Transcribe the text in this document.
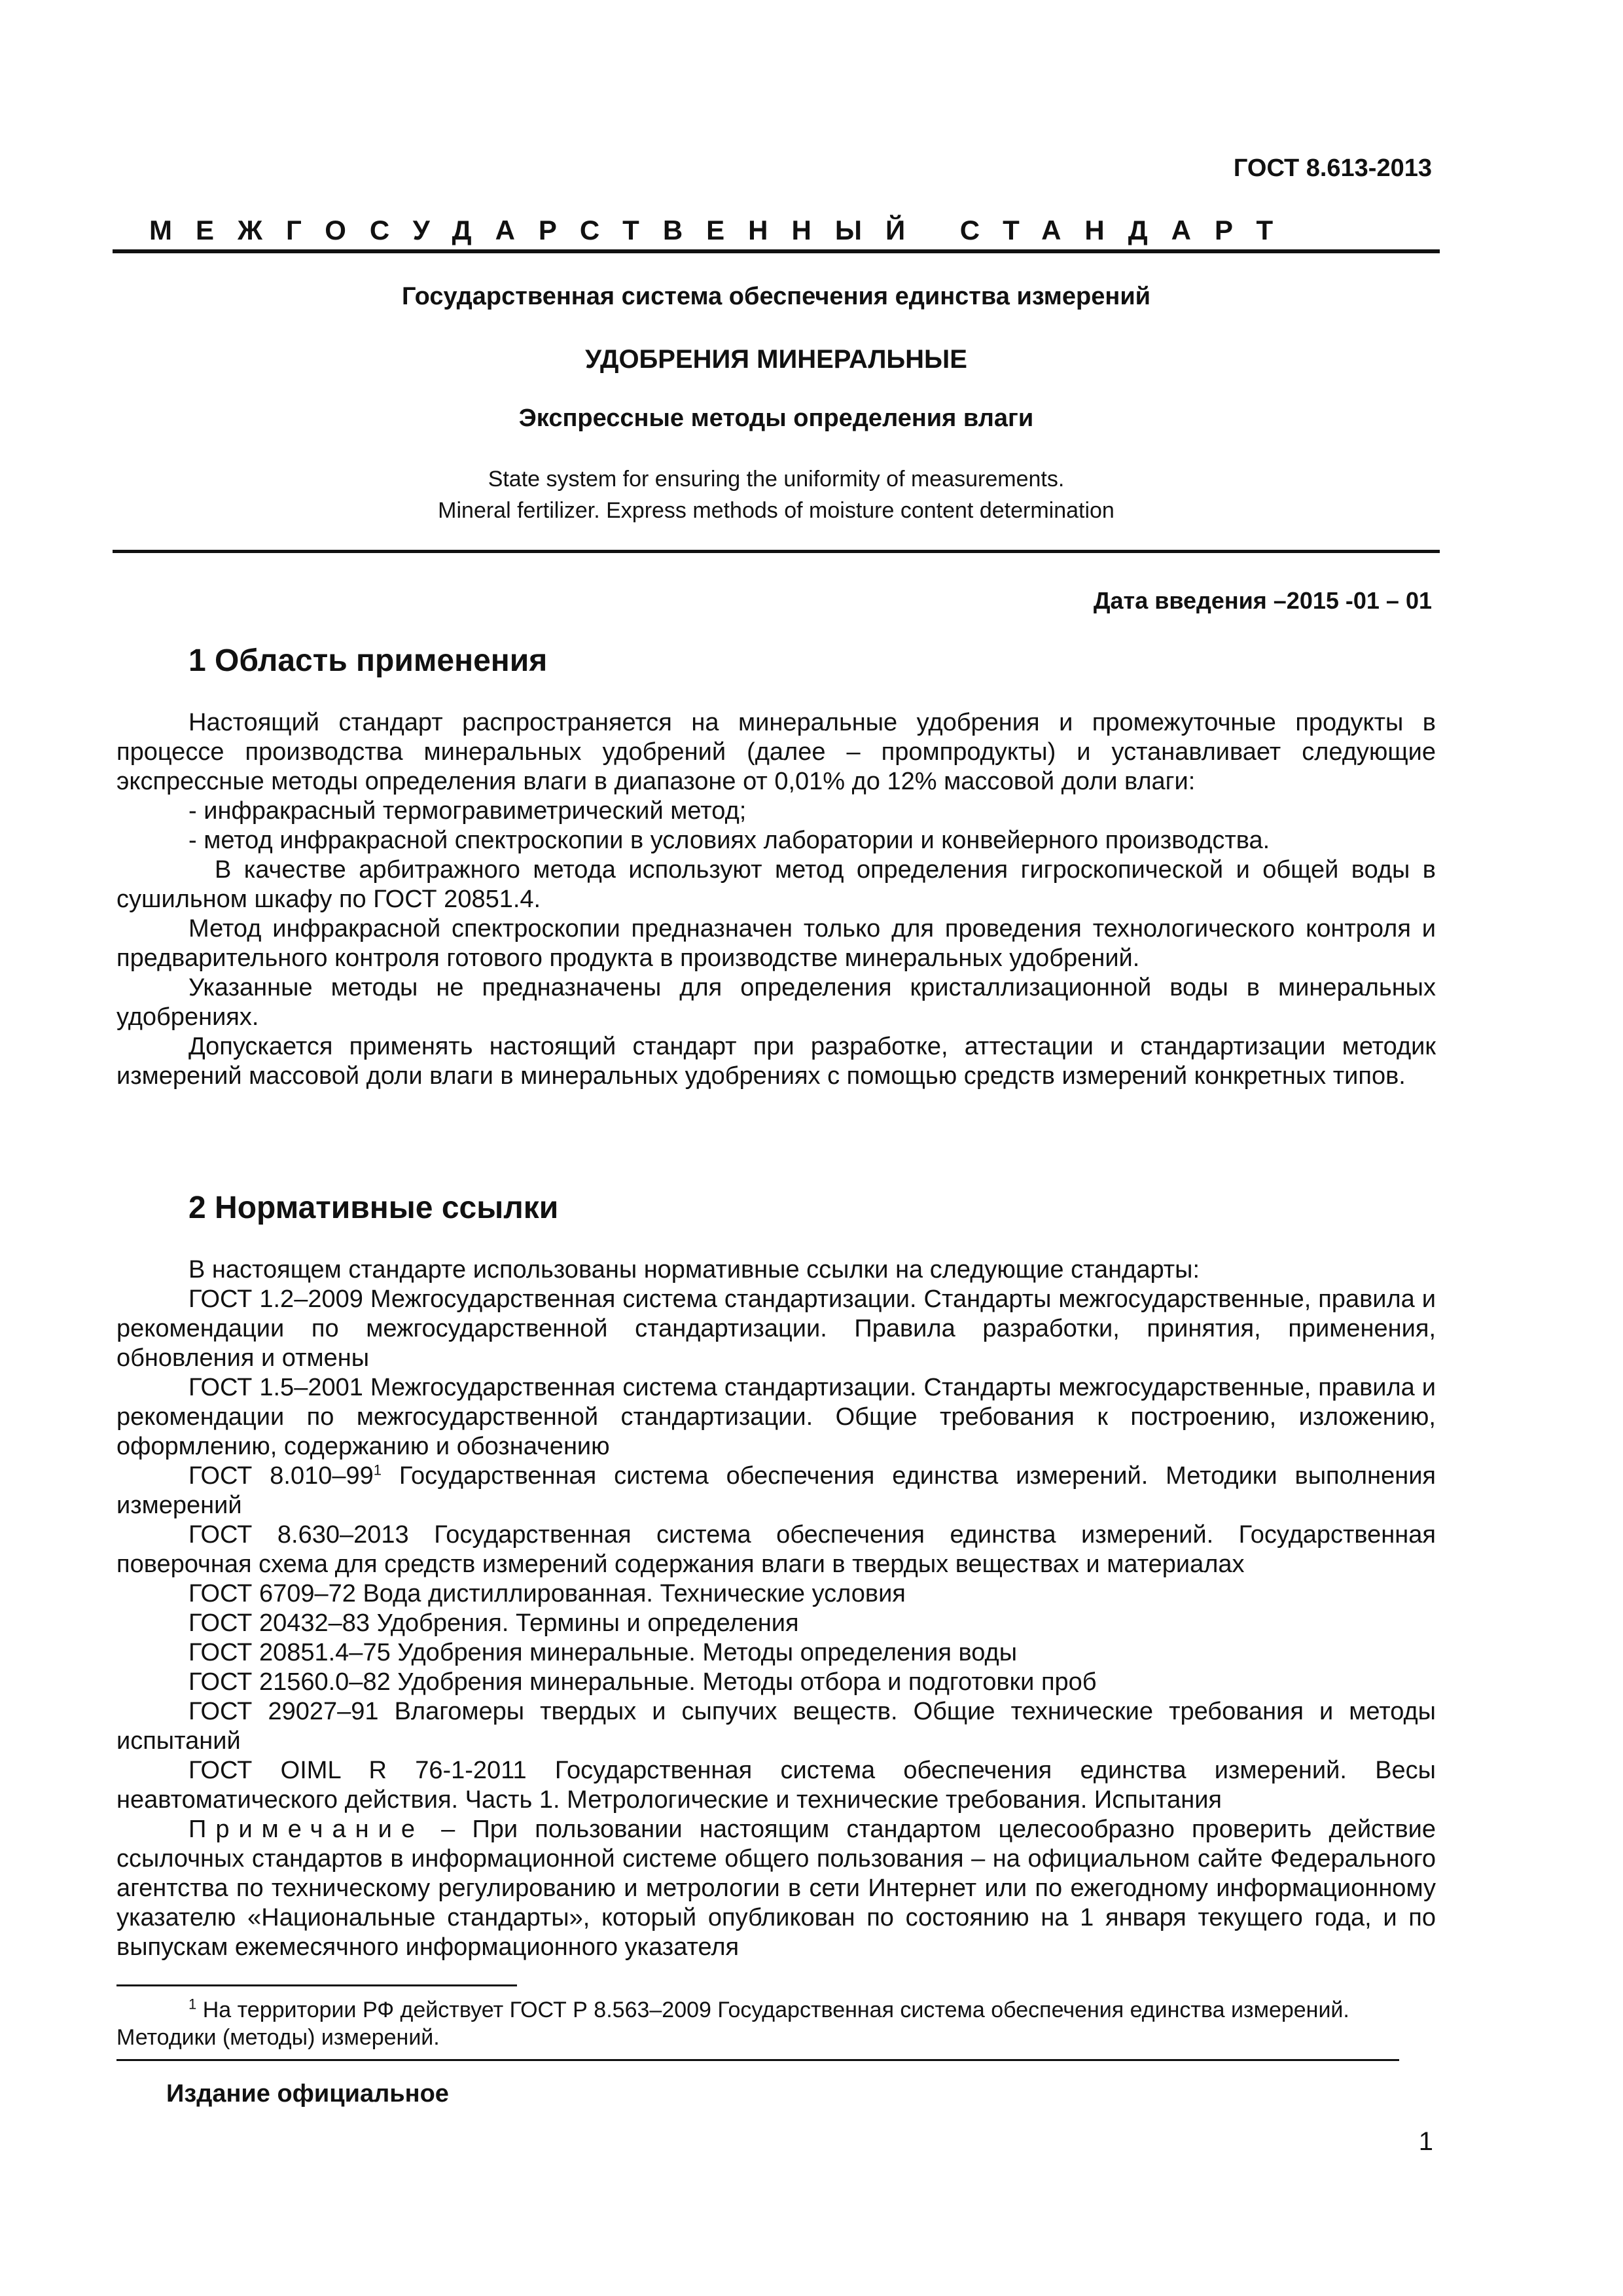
ГОСТ 8.613-2013
МЕЖГОСУДАРСТВЕННЫЙ СТАНДАРТ
Государственная система обеспечения единства измерений
УДОБРЕНИЯ МИНЕРАЛЬНЫЕ
Экспрессные методы определения влаги
State system for ensuring the uniformity of measurements.
Mineral fertilizer. Express methods of moisture content determination
Дата введения –2015 -01 – 01
1 Область применения

Настоящий стандарт распространяется на минеральные удобрения и промежуточные продукты в процессе производства минеральных удобрений (далее – промпродукты) и устанавливает следующие экспрессные методы определения влаги в диапазоне от 0,01% до 12% массовой доли влаги:

- инфракрасный термогравиметрический метод;

- метод инфракрасной спектроскопии в условиях лаборатории и конвейерного производства.

В качестве арбитражного метода используют метод определения гигроскопической и общей воды в сушильном шкафу по ГОСТ 20851.4.

Метод инфракрасной спектроскопии предназначен только для проведения технологического контроля и предварительного контроля готового продукта в производстве минеральных удобрений.

Указанные методы не предназначены для определения кристаллизационной воды в минеральных удобрениях.

Допускается применять настоящий стандарт при разработке, аттестации и стандартизации методик измерений массовой доли влаги в минеральных удобрениях с помощью средств измерений конкретных типов.

2 Нормативные ссылки

В настоящем стандарте использованы нормативные ссылки на следующие стандарты:

ГОСТ 1.2–2009 Межгосударственная система стандартизации. Стандарты межгосударственные, правила и рекомендации по межгосударственной стандартизации. Правила разработки, принятия, применения, обновления и отмены

ГОСТ 1.5–2001 Межгосударственная система стандартизации. Стандарты межгосударственные, правила и рекомендации по межгосударственной стандартизации. Общие требования к построению, изложению, оформлению, содержанию и обозначению

ГОСТ $8.010-99^1$ Государственная система обеспечения единства измерений. Методики выполнения измерений

ГОСТ 8.630–2013 Государственная система обеспечения единства измерений. Государственная поверочная схема для средств измерений содержания влаги в твердых веществах и материалах

ГОСТ 6709–72 Вода дистиллированная. Технические условия

ГОСТ 20432–83 Удобрения. Термины и определения

ГОСТ 20851.4–75 Удобрения минеральные. Методы определения воды

ГОСТ 21560.0–82 Удобрения минеральные. Методы отбора и подготовки проб

ГОСТ 29027–91 Влагомеры твердых и сыпучих веществ. Общие технические требования и методы испытаний

ГОСТ OIML R 76-1-2011 Государственная система обеспечения единства измерений. Весы неавтоматического действия. Часть 1. Метрологические и технические требования. Испытания

Примечание – При пользовании настоящим стандартом целесообразно проверить действие ссылочных стандартов в информационной системе общего пользования – на официальном сайте Федерального агентства по техническому регулированию и метрологии в сети Интернет или по ежегодному информационному указателю «Национальные стандарты», который опубликован по состоянию на 1 января текущего года, и по выпускам ежемесячного информационного указателя

$^1$ На территории РФ действует ГОСТ Р 8.563–2009 Государственная система обеспечения единства измерений. Методики (методы) измерений.

Издание официальное
1
